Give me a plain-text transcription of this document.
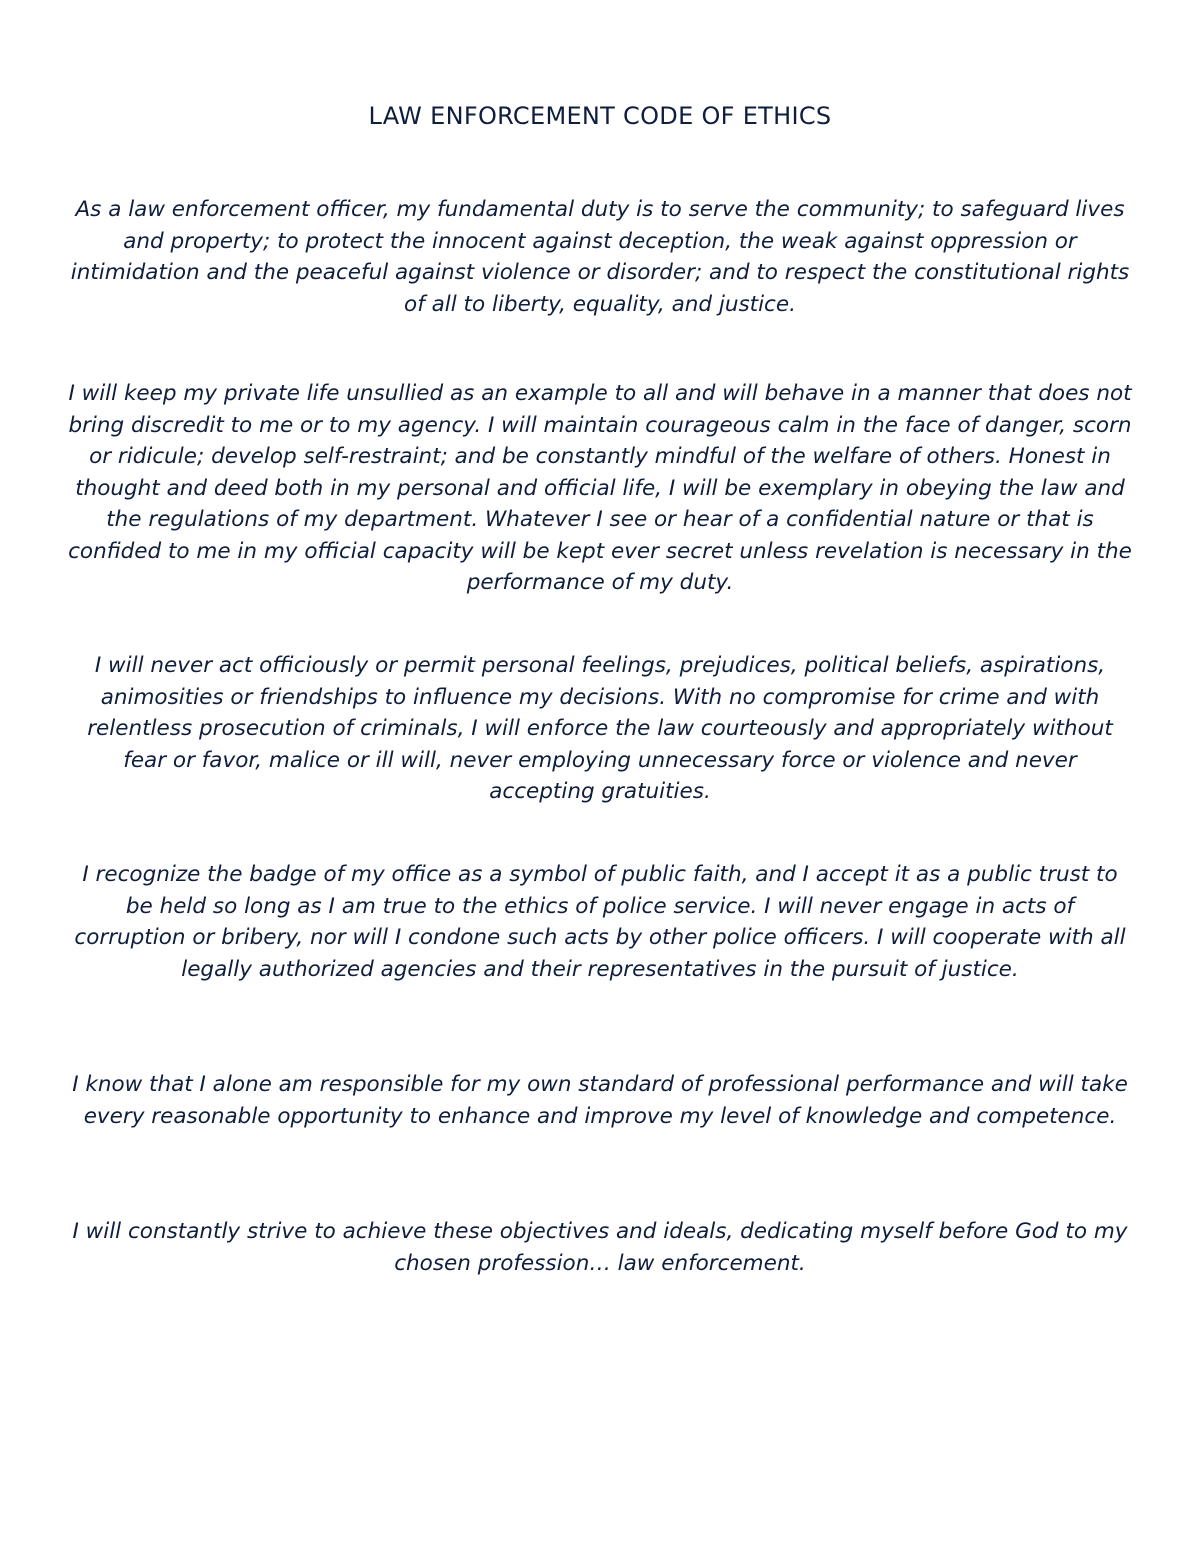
LAW ENFORCEMENT CODE OF ETHICS

As a law enforcement officer, my fundamental duty is to serve the community; to safeguard lives and property; to protect the innocent against deception, the weak against oppression or intimidation and the peaceful against violence or disorder; and to respect the constitutional rights of all to liberty, equality, and justice.

I will keep my private life unsullied as an example to all and will behave in a manner that does not bring discredit to me or to my agency. I will maintain courageous calm in the face of danger, scorn or ridicule; develop self-restraint; and be constantly mindful of the welfare of others. Honest in thought and deed both in my personal and official life, I will be exemplary in obeying the law and the regulations of my department. Whatever I see or hear of a confidential nature or that is confided to me in my official capacity will be kept ever secret unless revelation is necessary in the performance of my duty.

I will never act officiously or permit personal feelings, prejudices, political beliefs, aspirations, animosities or friendships to influence my decisions. With no compromise for crime and with relentless prosecution of criminals, I will enforce the law courteously and appropriately without fear or favor, malice or ill will, never employing unnecessary force or violence and never accepting gratuities.

I recognize the badge of my office as a symbol of public faith, and I accept it as a public trust to be held so long as I am true to the ethics of police service. I will never engage in acts of corruption or bribery, nor will I condone such acts by other police officers. I will cooperate with all legally authorized agencies and their representatives in the pursuit of justice.

I know that I alone am responsible for my own standard of professional performance and will take every reasonable opportunity to enhance and improve my level of knowledge and competence.

I will constantly strive to achieve these objectives and ideals, dedicating myself before God to my chosen profession… law enforcement.
